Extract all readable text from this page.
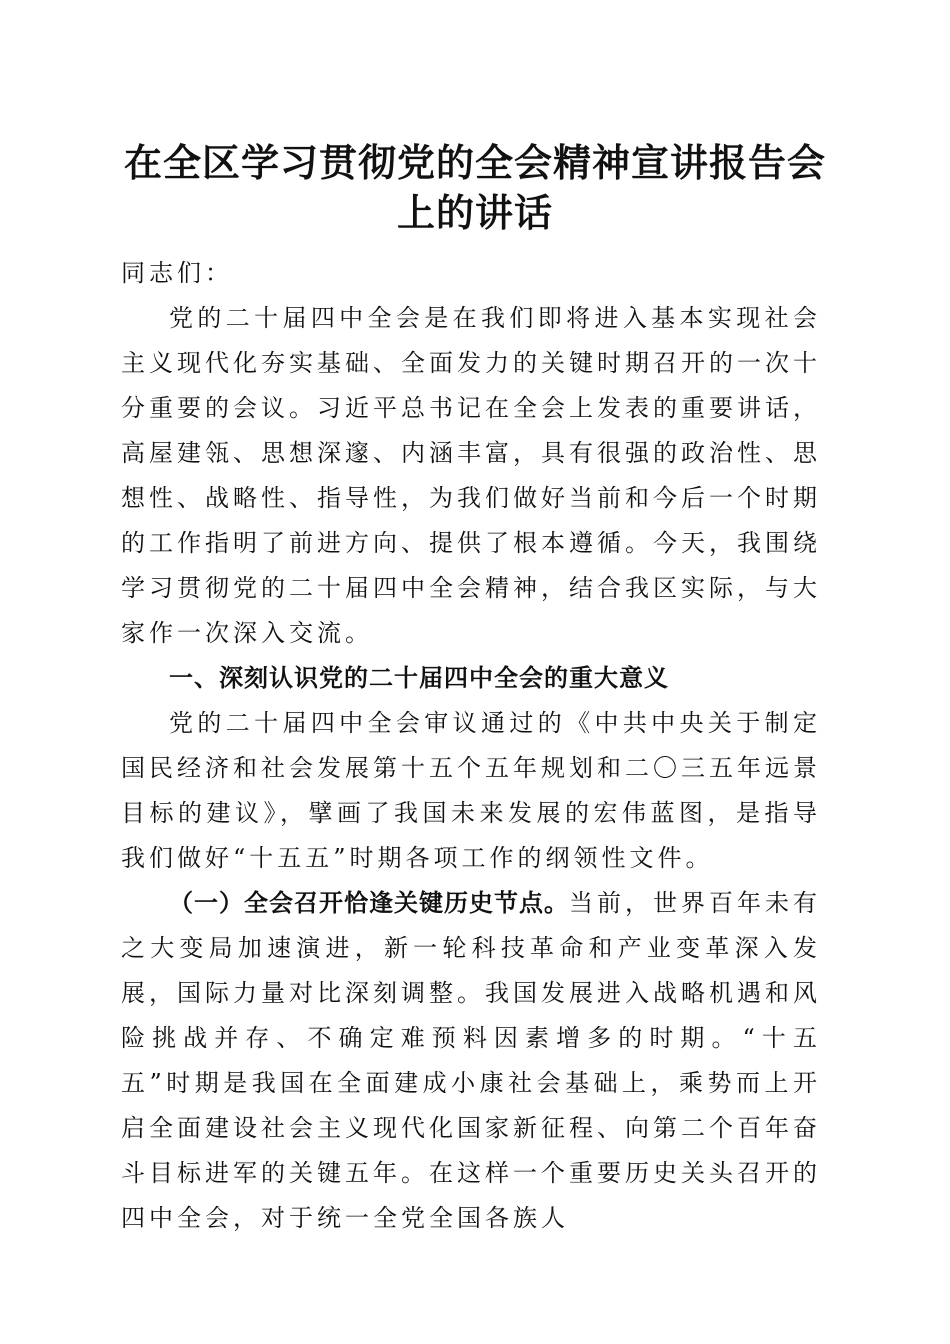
在全区学习贯彻党的全会精神宣讲报告会上的讲话

同志们：

党的二十届四中全会是在我们即将进入基本实现社会主义现代化夯实基础、全面发力的关键时期召开的一次十分重要的会议。习近平总书记在全会上发表的重要讲话，高屋建瓴、思想深邃、内涵丰富，具有很强的政治性、思想性、战略性、指导性，为我们做好当前和今后一个时期的工作指明了前进方向、提供了根本遵循。今天，我围绕学习贯彻党的二十届四中全会精神，结合我区实际，与大家作一次深入交流。

一、深刻认识党的二十届四中全会的重大意义

党的二十届四中全会审议通过的《中共中央关于制定国民经济和社会发展第十五个五年规划和二〇三五年远景目标的建议》，擘画了我国未来发展的宏伟蓝图，是指导我们做好“十五五”时期各项工作的纲领性文件。

（一）全会召开恰逢关键历史节点。当前，世界百年未有之大变局加速演进，新一轮科技革命和产业变革深入发展，国际力量对比深刻调整。我国发展进入战略机遇和风险挑战并存、不确定难预料因素增多的时期。“十五五”时期是我国在全面建成小康社会基础上，乘势而上开启全面建设社会主义现代化国家新征程、向第二个百年奋斗目标进军的关键五年。在这样一个重要历史关头召开的四中全会，对于统一全党全国各族人
